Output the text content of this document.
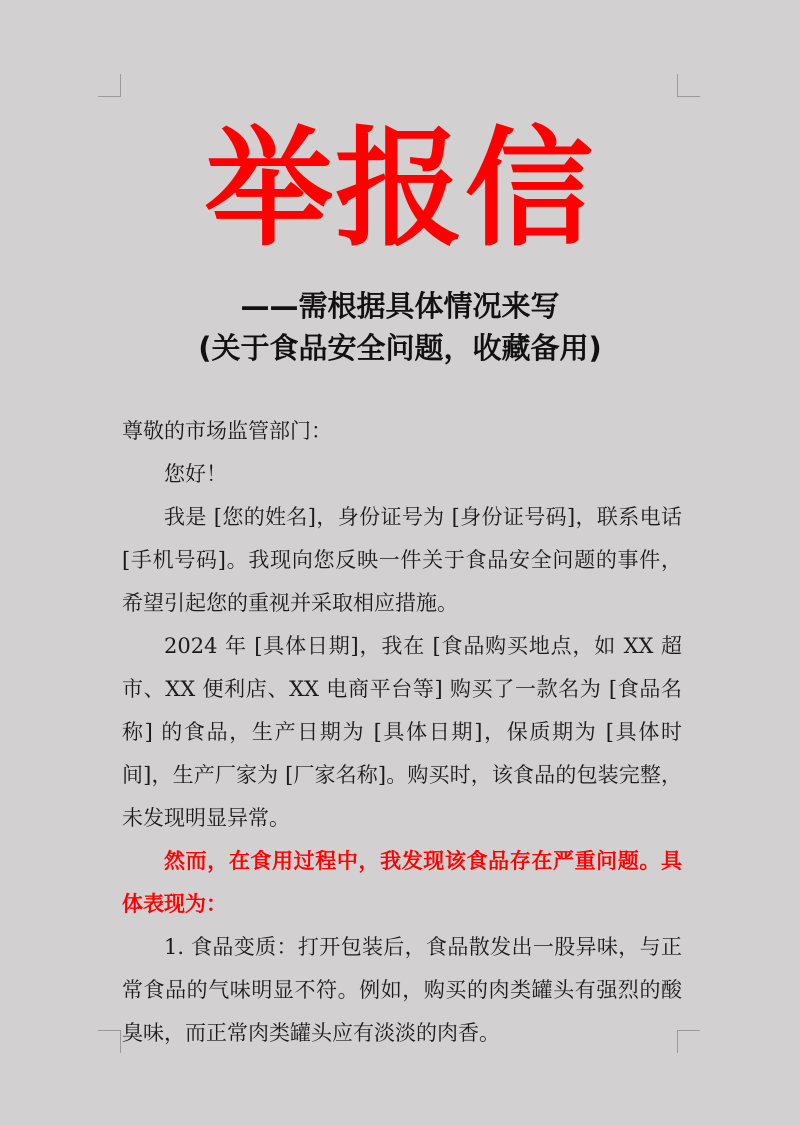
举报信
——需根据具体情况来写
(关于食品安全问题，收藏备用)

尊敬的市场监管部门：

您好！

我是 [您的姓名]，身份证号为 [身份证号码]，联系电话 [手机号码]。我现向您反映一件关于食品安全问题的事件，希望引起您的重视并采取相应措施。

2024 年 [具体日期]，我在 [食品购买地点，如 XX 超市、XX 便利店、XX 电商平台等] 购买了一款名为 [食品名称] 的食品，生产日期为 [具体日期]，保质期为 [具体时间]，生产厂家为 [厂家名称]。购买时，该食品的包装完整，未发现明显异常。

然而，在食用过程中，我发现该食品存在严重问题。具体表现为：

1. 食品变质：打开包装后，食品散发出一股异味，与正常食品的气味明显不符。例如，购买的肉类罐头有强烈的酸臭味，而正常肉类罐头应有淡淡的肉香。
